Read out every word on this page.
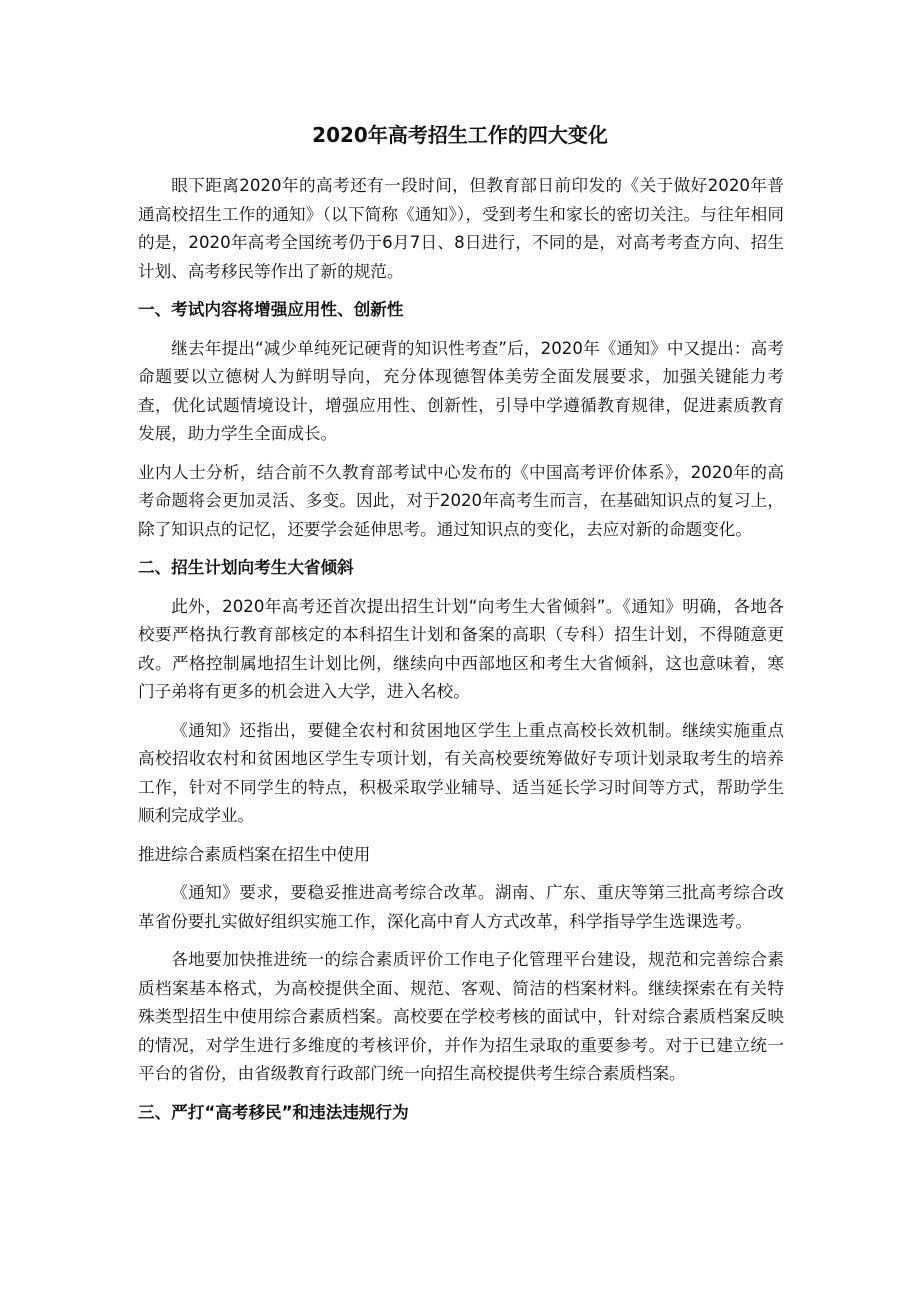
2020年高考招生工作的四大变化

眼下距离2020年的高考还有一段时间，但教育部日前印发的《关于做好2020年普通高校招生工作的通知》（以下简称《通知》），受到考生和家长的密切关注。与往年相同的是，2020年高考全国统考仍于6月7日、8日进行，不同的是，对高考考查方向、招生计划、高考移民等作出了新的规范。

一、考试内容将增强应用性、创新性

继去年提出“减少单纯死记硬背的知识性考查”后，2020年《通知》中又提出：高考命题要以立德树人为鲜明导向，充分体现德智体美劳全面发展要求，加强关键能力考查，优化试题情境设计，增强应用性、创新性，引导中学遵循教育规律，促进素质教育发展，助力学生全面成长。

业内人士分析，结合前不久教育部考试中心发布的《中国高考评价体系》，2020年的高考命题将会更加灵活、多变。因此，对于2020年高考生而言，在基础知识点的复习上，除了知识点的记忆，还要学会延伸思考。通过知识点的变化，去应对新的命题变化。

二、招生计划向考生大省倾斜

此外，2020年高考还首次提出招生计划“向考生大省倾斜”。《通知》明确，各地各校要严格执行教育部核定的本科招生计划和备案的高职（专科）招生计划，不得随意更改。严格控制属地招生计划比例，继续向中西部地区和考生大省倾斜，这也意味着，寒门子弟将有更多的机会进入大学，进入名校。

《通知》还指出，要健全农村和贫困地区学生上重点高校长效机制。继续实施重点高校招收农村和贫困地区学生专项计划，有关高校要统筹做好专项计划录取考生的培养工作，针对不同学生的特点，积极采取学业辅导、适当延长学习时间等方式，帮助学生顺利完成学业。

推进综合素质档案在招生中使用

《通知》要求，要稳妥推进高考综合改革。湖南、广东、重庆等第三批高考综合改革省份要扎实做好组织实施工作，深化高中育人方式改革，科学指导学生选课选考。

各地要加快推进统一的综合素质评价工作电子化管理平台建设，规范和完善综合素质档案基本格式，为高校提供全面、规范、客观、简洁的档案材料。继续探索在有关特殊类型招生中使用综合素质档案。高校要在学校考核的面试中，针对综合素质档案反映的情况，对学生进行多维度的考核评价，并作为招生录取的重要参考。对于已建立统一平台的省份，由省级教育行政部门统一向招生高校提供考生综合素质档案。

三、严打“高考移民”和违法违规行为
